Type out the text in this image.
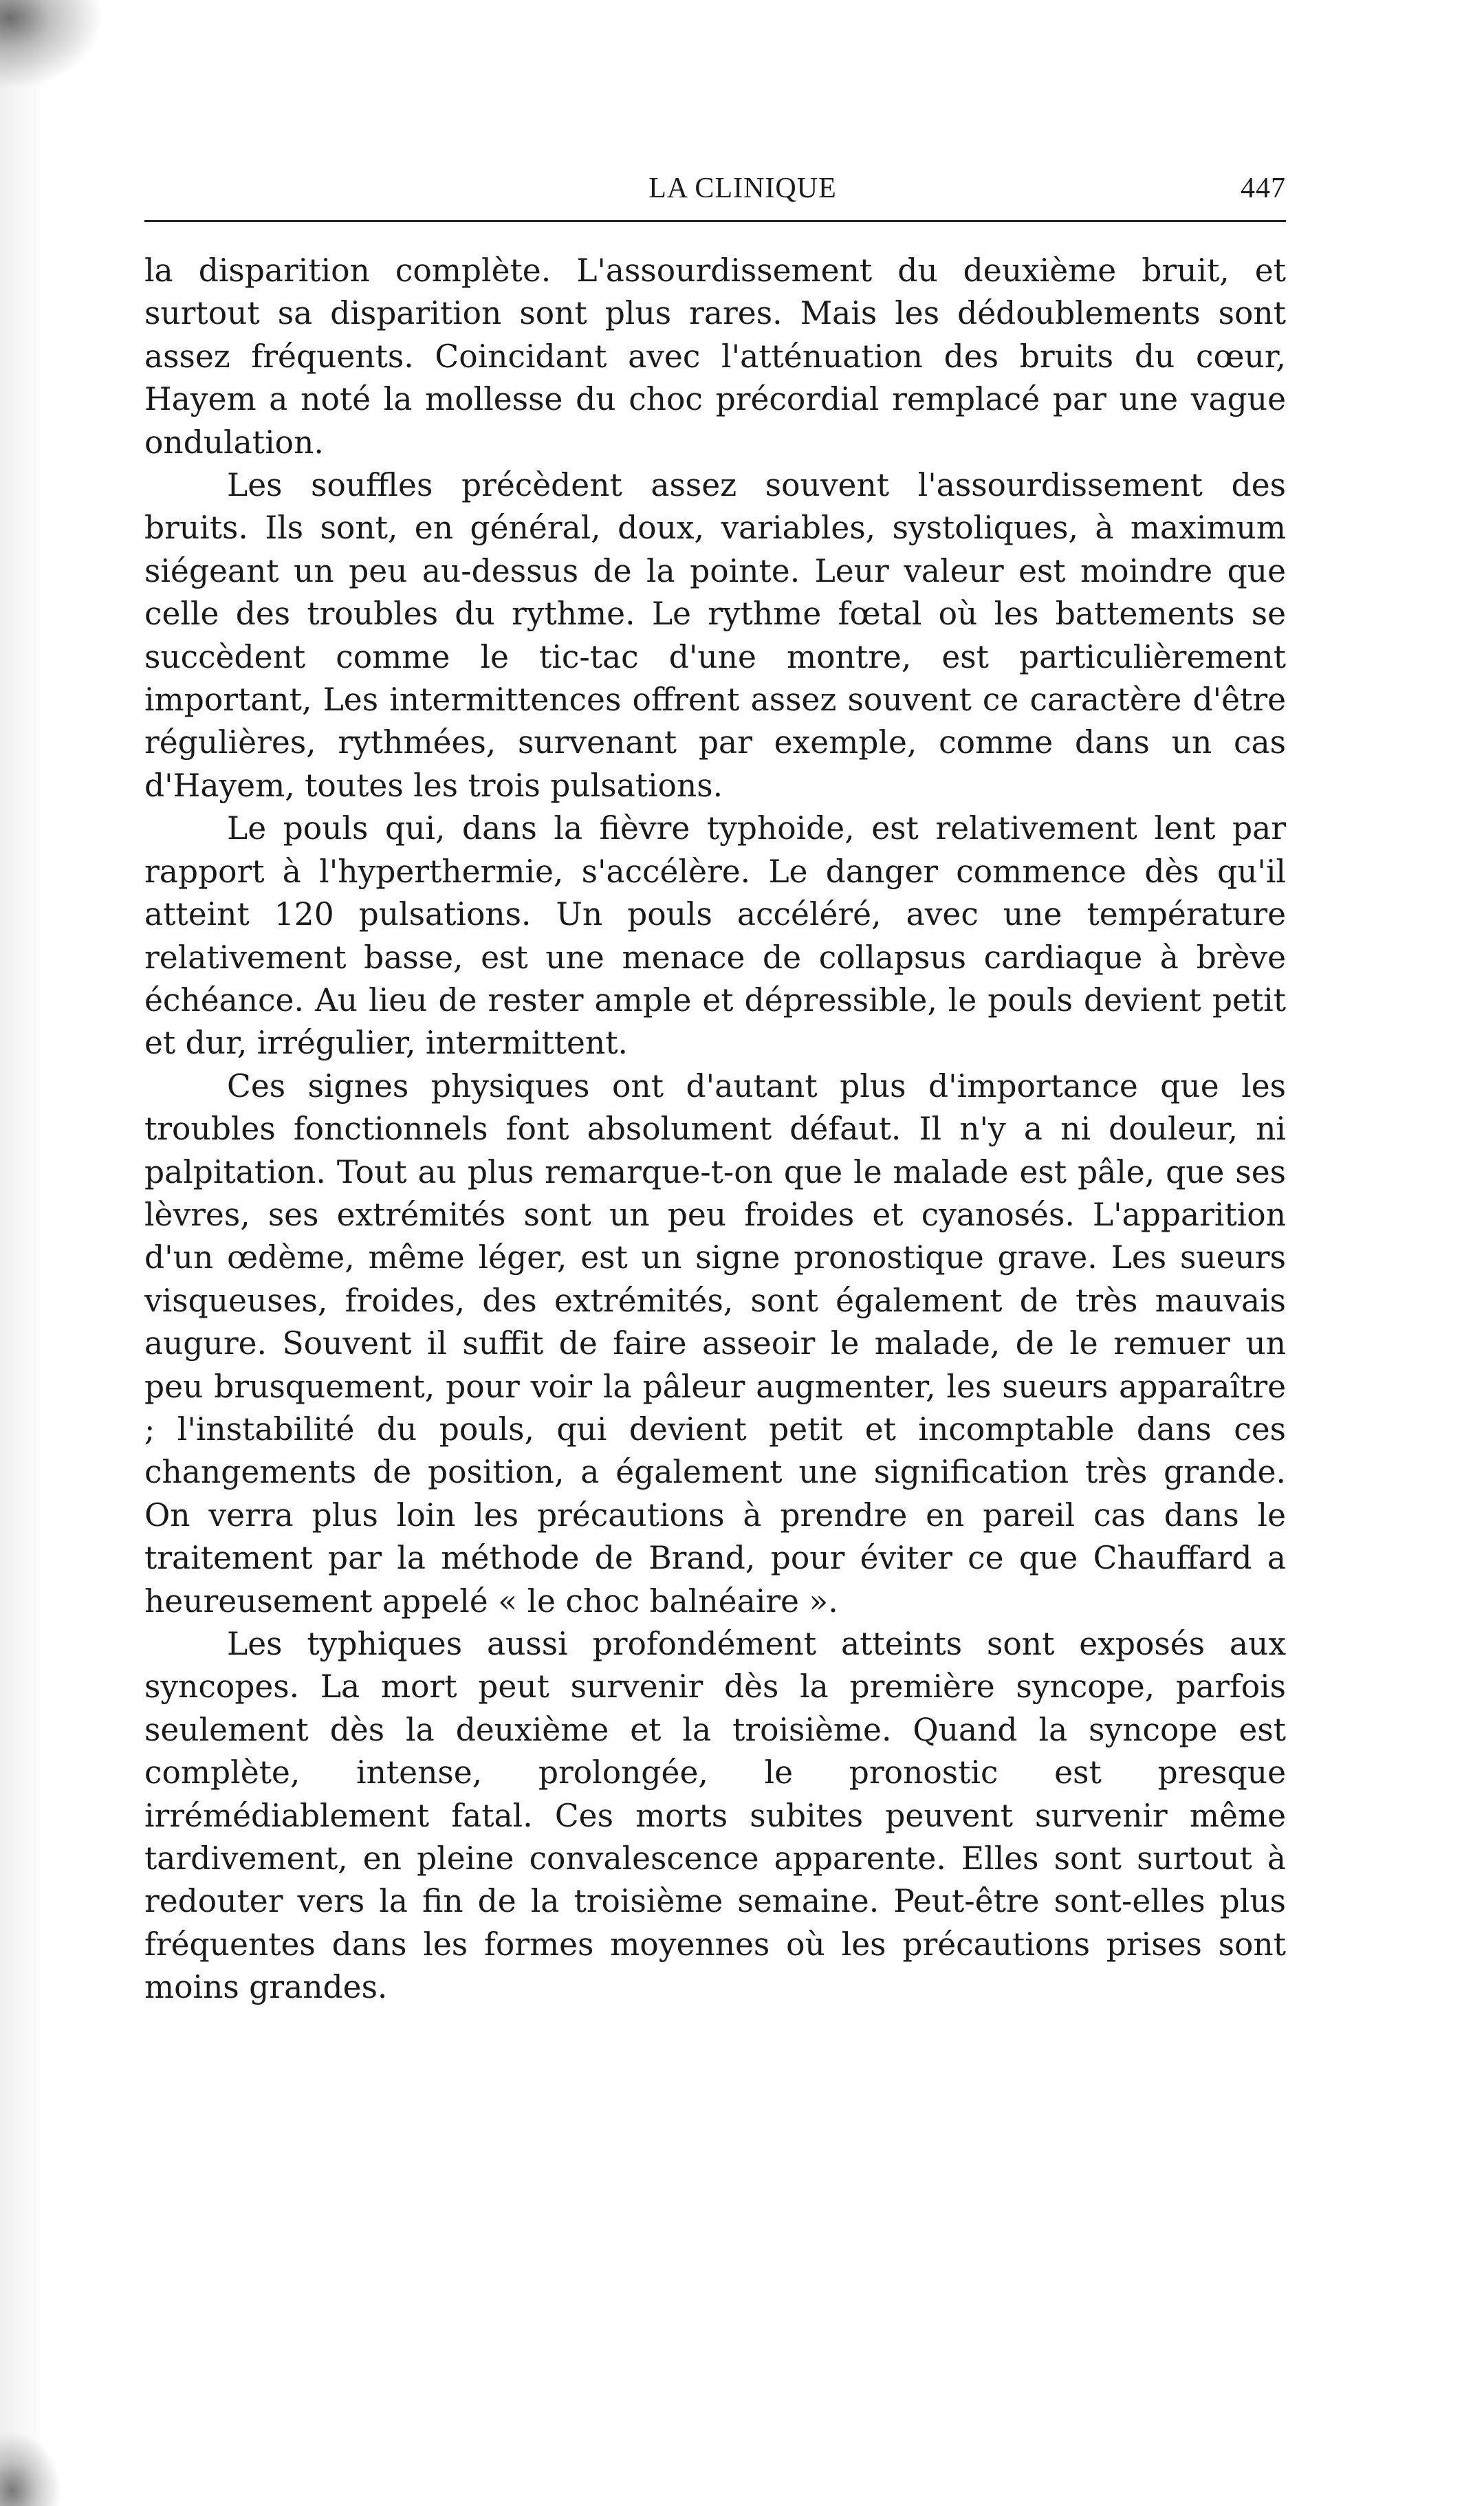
LA CLINIQUE	447

la disparition complète. L'assourdissement du deuxième bruit, et surtout sa disparition sont plus rares. Mais les dédoublements sont assez fréquents. Coincidant avec l'atténuation des bruits du cœur, Hayem a noté la mollesse du choc précordial remplacé par une vague ondulation.

Les souffles précèdent assez souvent l'assourdissement des bruits. Ils sont, en général, doux, variables, systoliques, à maximum siégeant un peu au-dessus de la pointe. Leur valeur est moindre que celle des troubles du rythme. Le rythme fœtal où les battements se succèdent comme le tic-tac d'une montre, est particulièrement important, Les intermittences offrent assez souvent ce caractère d'être régulières, rythmées, survenant par exemple, comme dans un cas d'Hayem, toutes les trois pulsations.

Le pouls qui, dans la fièvre typhoide, est relativement lent par rapport à l'hyperthermie, s'accélère. Le danger commence dès qu'il atteint 120 pulsations. Un pouls accéléré, avec une température relativement basse, est une menace de collapsus cardiaque à brève échéance. Au lieu de rester ample et dépressible, le pouls devient petit et dur, irrégulier, intermittent.

Ces signes physiques ont d'autant plus d'importance que les troubles fonctionnels font absolument défaut. Il n'y a ni douleur, ni palpitation. Tout au plus remarque-t-on que le malade est pâle, que ses lèvres, ses extrémités sont un peu froides et cyanosés. L'apparition d'un œdème, même léger, est un signe pronostique grave. Les sueurs visqueuses, froides, des extrémités, sont également de très mauvais augure. Souvent il suffit de faire asseoir le malade, de le remuer un peu brusquement, pour voir la pâleur augmenter, les sueurs apparaître ; l'instabilité du pouls, qui devient petit et incomptable dans ces changements de position, a également une signification très grande. On verra plus loin les précautions à prendre en pareil cas dans le traitement par la méthode de Brand, pour éviter ce que Chauffard a heureusement appelé « le choc balnéaire ».

Les typhiques aussi profondément atteints sont exposés aux syncopes. La mort peut survenir dès la première syncope, parfois seulement dès la deuxième et la troisième. Quand la syncope est complète, intense, prolongée, le pronostic est presque irrémédiablement fatal. Ces morts subites peuvent survenir même tardivement, en pleine convalescence apparente. Elles sont surtout à redouter vers la fin de la troisième semaine. Peut-être sont-elles plus fréquentes dans les formes moyennes où les précautions prises sont moins grandes.
